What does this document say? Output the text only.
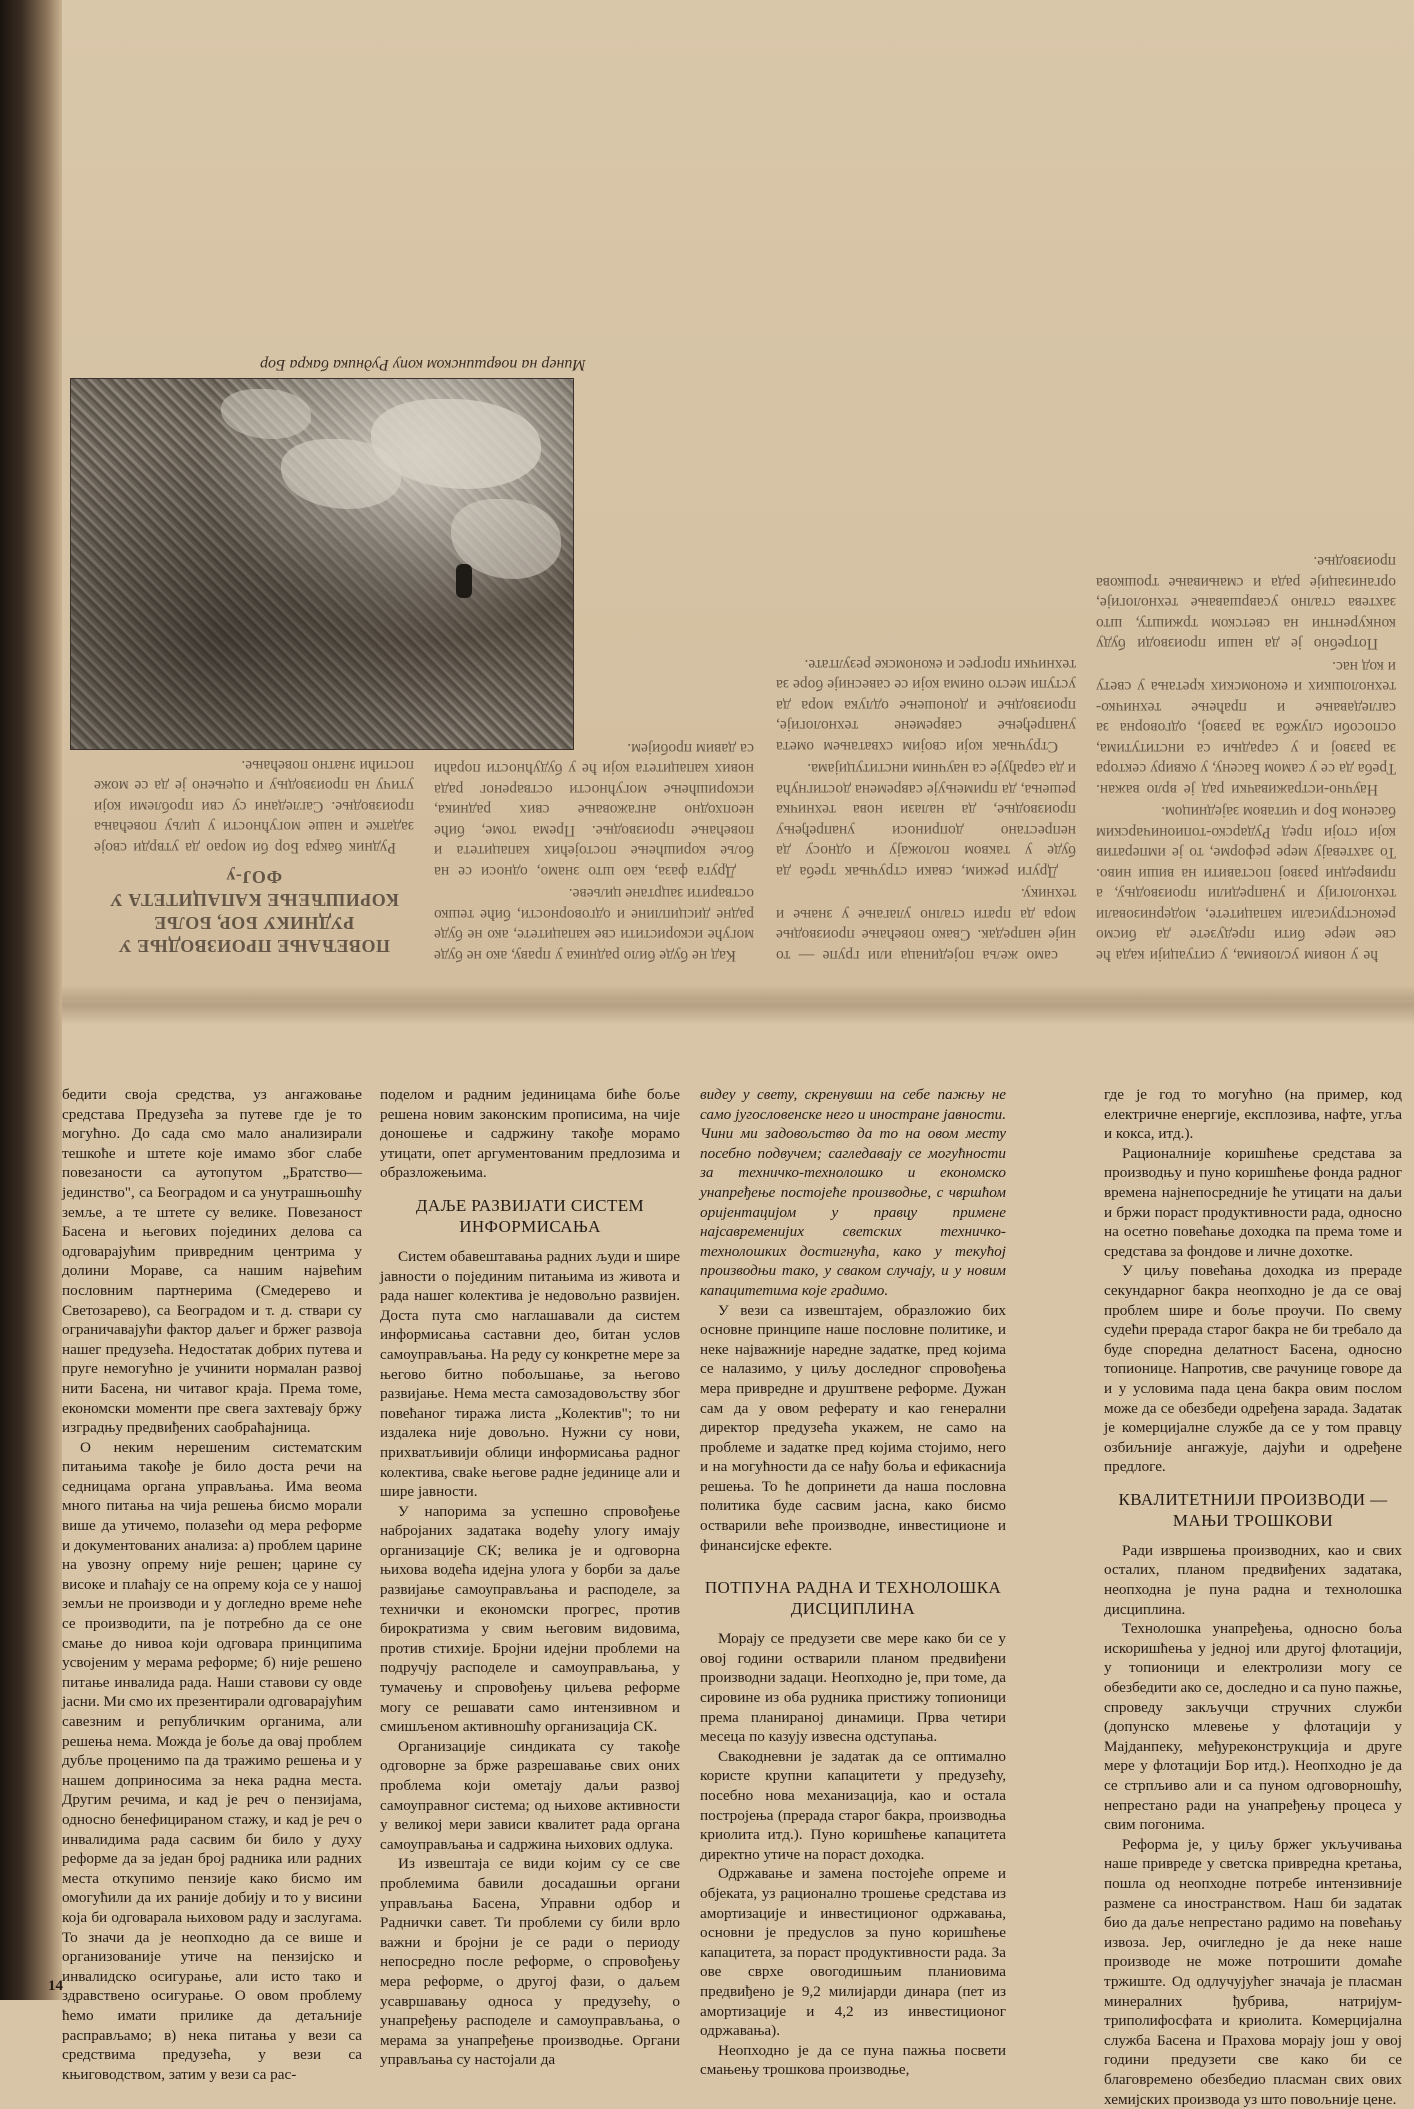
ће у новим условима, у ситуацији када ће све мере бити предузете да бисмо реконструисали капацитете, модернизовали технологију и унапредили производњу, а привредни развој поставити на виши ниво. То захтевају мере реформе, то је императив који стоји пред Рударско-топионичарским басеном Бор и читавом заједницом.

Научно-истраживачки рад је врло важан. Треба да се у самом Басену, у оквиру сектора за развој и у сарадњи са институтима, оспособи служба за развој, одговорна за сагледавање и праћење техничко-технолошких и економских кретања у свету и код нас.

Потребно је да наши производи буду конкурентни на светском тржишту, што захтева стално усавршавање технологије, организације рада и смањивање трошкова производње.

само жеља појединаца или групе — то није напредак. Свако повећање производње мора да прати стално улагање у знање и технику.

Други режим, сваки стручњак треба да буде у таквом положају и односу да непрестано доприноси унапређењу производње, да налази нова техничка решења, да примењује савремена достигнућа и да сарађује са научним институцијама.

Стручњак који својим схватањем омета унапређење савремене технологије, производње и доношење одлука мора да уступи место онима који се савесније боре за технички прогрес и економске резултате.

Кад не буде било радника у праву, ако не буде могуће искористити све капацитете, ако не буде радне дисциплине и одговорности, биће тешко остварити зацртане циљеве.

Друга фаза, као што знамо, односи се на боље коришћење постојећих капацитета и повећање производње. Према томе, биће неопходно ангажовање свих радника, искоришћење могућности оствареног рада нових капацитета који ће у будућности пораћи са давим пробијем.

ПОВЕЋАЊЕ ПРОИЗВОДЊЕ У РУДНИКУ БОР, БОЉЕ КОРИШЋЕЊЕ КАПАЦИТЕТА У ФОЈ-у

Рудник бакра Бор би морао да утврди своје задатке и наше могућности у циљу повећања производње. Сагледани су сви проблеми који утичу на производњу и оцењено је да се може постићи знатно повећање.

Минер на површинском копу Рудника бакра Бор

бедити своја средства, уз ангажовање средстава Предузећа за путеве где је то могућно. До сада смо мало анализирали тешкоће и штете које имамо због слабе повезаности са аутопутом „Братство—јединство", са Београдом и са унутрашњошћу земље, а те штете су велике. Повезаност Басена и његових појединих делова са одговарајућим привредним центрима у долини Мораве, са нашим највећим пословним партнерима (Смедерево и Светозарево), са Београдом и т. д. ствари су ограничавајући фактор даљег и бржег развоја нашег предузећа. Недостатак добрих путева и пруге немогућно је учинити нормалан развој нити Басена, ни читавог краја. Према томе, економски моменти пре свега захтевају бржу изградњу предвиђених саобраћајница.

О неким нерешеним систематским питањима такође је било доста речи на седницама органа управљања. Има веома много питања на чија решења бисмо морали више да утичемо, полазећи од мера реформе и документованих анализа: а) проблем царине на увозну опрему није решен; царине су високе и плаћају се на опрему која се у нашој земљи не производи и у догледно време неће се производити, па је потребно да се оне смање до нивоа који одговара принципима усвојеним у мерама реформе; б) није решено питање инвалида рада. Наши ставови су овде јасни. Ми смо их презентирали одговарајућим савезним и републичким органима, али решења нема. Можда је боље да овај проблем дубље проценимо па да тражимо решења и у нашем доприносима за нека радна места. Другим речима, и кад је реч о пензијама, односно бенефицираном стажу, и кад је реч о инвалидима рада сасвим би било у духу реформе да за један број радника или радних места откупимо пензије како бисмо им омогућили да их раније добију и то у висини која би одговарала њиховом раду и заслугама. То значи да је неопходно да се више и организованије утиче на пензијско и инвалидско осигурање, али исто тако и здравствено осигурање. О овом проблему ћемо имати прилике да детаљније расправљамо; в) нека питања у вези са средствима предузећа, у вези са књиговодством, затим у вези са рас-

поделом и радним јединицама биће боље решена новим законским прописима, на чије доношење и садржину такође морамо утицати, опет аргументованим предлозима и образложењима.

ДАЉЕ РАЗВИЈАТИ СИСТЕМ ИНФОРМИСАЊА

Систем обавештавања радних људи и шире јавности о појединим питањима из живота и рада нашег колектива је недовољно развијен. Доста пута смо наглашавали да систем информисања саставни део, битан услов самоуправљања. На реду су конкретне мере за његово битно побољшање, за његово развијање. Нема места самозадовољству због повећаног тиража листа „Колектив"; то ни издалека није довољно. Нужни су нови, прихватљивији облици информисања радног колектива, свake његове радне јединице али и шире јавности.

У напорима за успешно спровођење набројаних задатака водећу улогу имају организације СК; велика је и одговорна њихова водећа идејна улога у борби за даље развијање самоуправљања и расподеле, за технички и економски прогрес, против бирократизма у свим његовим видовима, против стихије. Бројни идејни проблеми на подручју расподеле и самоуправљања, у тумачењу и спровођењу циљева реформе могу се решавати само интензивном и смишљеном активношћу организација СК.

Организације синдиката су такође одговорне за брже разрешавање свих оних проблема који ометају даљи развој самоуправног система; од њихове активности у великој мери зависи квалитет рада органа самоуправљања и садржина њихових одлука.

Из извештаја се види којим су се све проблемима бавили досадашњи органи управљања Басена, Управни одбор и Раднички савет. Ти проблеми су били врло важни и бројни је се ради о периоду непосредно после реформе, о спровођењу мера реформе, о другој фази, о даљем усавршавању односа у предузећу, о унапређењу расподеле и самоуправљања, о мерама за унапређење производње. Органи управљања су настојали да

видеу у свету, скренувши на себе пажњу не само југословенске него и иностране јавности. Чини ми задовољство да то на овом месту посебно подвучем; сагледавају се могућности за техничко-технолошко и економско унапређење постојеће производње, с чвршћом оријентацијом у правцу примене најсавременијих светских техничко-технолошких достигнућа, како у текућој производњи тако, у сваком случају, и у новим капацитетима које градимо.

У вези са извештајем, образложио бих основне принципе наше пословне политике, и неке најважније наредне задатке, пред којима се налазимо, у циљу доследног спровођења мера привредне и друштвене реформе. Дужан сам да у овом реферату и као генерални директор предузећа укажем, не само на проблеме и задатке пред којима стојимо, него и на могућности да се нађу боља и ефикаснија решења. То ће допринети да наша пословна политика буде сасвим јасна, како бисмо остварили веће производне, инвестиционе и финансијске ефекте.

ПОТПУНА РАДНА И ТЕХНОЛОШКА ДИСЦИПЛИНА

Морају се предузети све мере како би се у овој години остварили планом предвиђени производни задаци. Неопходно је, при томе, да сировине из оба рудника пристижу топионици према планираној динамици. Прва четири месеца по казују извесна одступања.

Свакодневни је задатак да се оптимално користе крупни капацитети у предузећу, посебно нова механизација, као и остала постројења (прерада старог бакра, производња криолита итд.). Пуно коришћење капацитета директно утиче на пораст доходка.

Одржавање и замена постојеће опреме и објеката, уз рационално трошење средстава из амортизације и инвестиционог одржавања, основни је предуслов за пуно коришћење капацитета, за пораст продуктивности рада. За ове сврхе овогодишњим планиовима предвиђено је 9,2 милијарди динара (пет из амортизације и 4,2 из инвестиционог одржавања).

Неопходно је да се пуна пажња посвети смањењу трошкова производње,

где је год то могућно (на пример, код електричне енергије, експлозива, нафте, угља и кокса, итд.).

Рационалније коришћење средстава за производњу и пуно коришћење фонда радног времена најнепосредније ће утицати на даљи и бржи пораст продуктивности рада, односно на осетно повећање доходка па према томе и средстава за фондове и личне дохотке.

У циљу повећања доходка из прераде секундарног бакра неопходно је да се овај проблем шире и боље проучи. По свему судећи прерада старог бакра не би требало да буде споредна делатност Басена, односно топионице. Напротив, све рачунице говоре да и у условима пада цена бакра овим послом може да се обезбеди одређена зарада. Задатак је комерцијалне службе да се у том правцу озбиљније ангажује, дајући и одређене предлоге.

КВАЛИТЕТНИЈИ ПРОИЗВОДИ — МАЊИ ТРОШКОВИ

Ради извршења производних, као и свих осталих, планом предвиђених задатака, неопходна је пуна радна и технолошка дисциплина.

Технолошка унапређења, односно боља искоришћења у једној или другој флотацији, у топионици и електролизи могу се обезбедити ако се, доследно и са пуно пажње, спроведу закључци стручних служби (допунско млевење у флотацији у Мајданпеку, међуреконструкција и друге мере у флотацији Бор итд.). Неопходно је да се стрпљиво али и са пуном одговорношћу, непрестано ради на унапређењу процеса у свим погонима.

Реформа је, у циљу бржег укључивања наше привреде у светска привредна кретања, пошла од неопходне потребе интензивније размене са иностранством. Наш би задатак био да даље непрестано радимо на повећању извоза. Јер, очигледно је да неке наше производе не може потрошити домаће тржиште. Од одлучујућег значаја је пласман минералних ђубрива, натријум-триполифосфата и криолита. Комерцијална служба Басена и Прахова морају још у овој години предузети све како би се благовремено обезбедио пласман свих ових хемијских производа уз што повољније цене.

14
